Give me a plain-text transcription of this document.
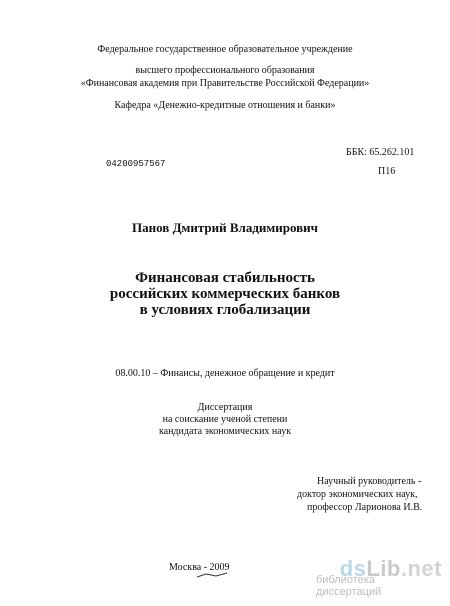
Федеральное государственное образовательное учреждение
высшего профессионального образования
«Финансовая академия при Правительстве Российской Федерации»
Кафедра «Денежно-кредитные отношения и банки»
ББК: 65.262.101
П16
04200957567
Панов Дмитрий Владимирович
Финансовая стабильность
российских коммерческих банков
в условиях глобализации
08.00.10 – Финансы, денежное обращение и кредит
Диссертация
на соискание ученой степени
кандидата экономических наук
Научный руководитель -
доктор экономических наук,
профессор Ларионова И.В.
Москва - 2009	dsLib.net
библиотека диссертаций
